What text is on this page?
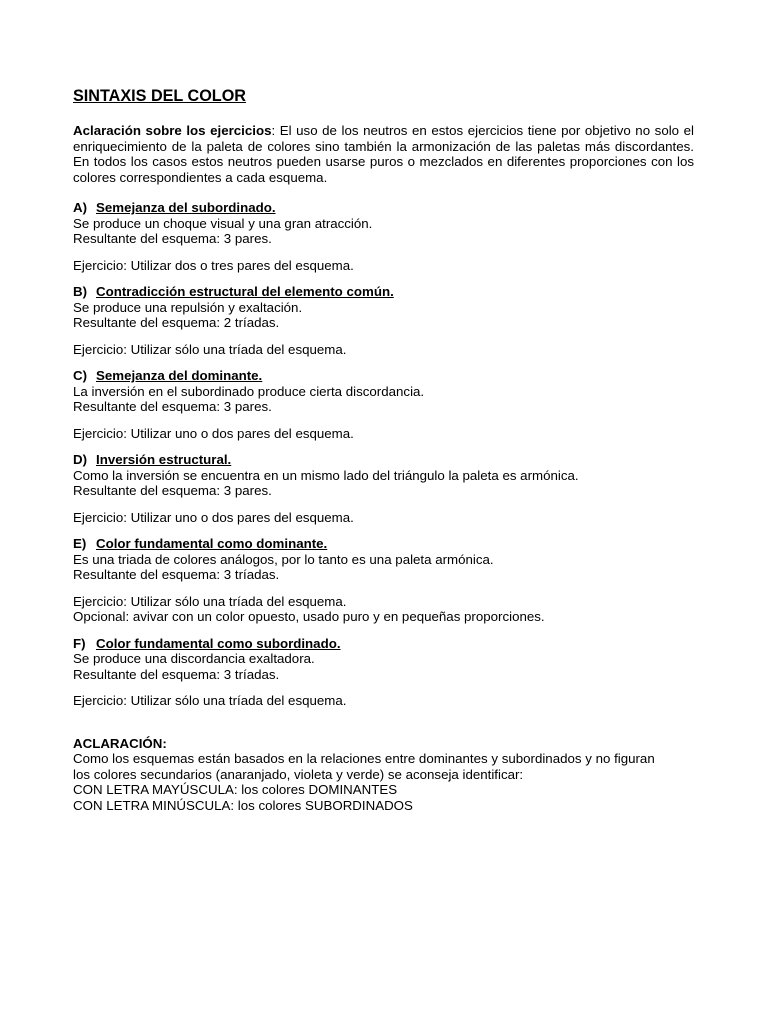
SINTAXIS DEL COLOR

Aclaración sobre los ejercicios: El uso de los neutros en estos ejercicios tiene por objetivo no solo el enriquecimiento de la paleta de colores sino también la armonización de las paletas más discordantes. En todos los casos estos neutros pueden usarse puros o mezclados en diferentes proporciones con los colores correspondientes a cada esquema.

A) Semejanza del subordinado.
Se produce un choque visual y una gran atracción.
Resultante del esquema: 3 pares.
Ejercicio: Utilizar dos o tres pares del esquema.
B) Contradicción estructural del elemento común.
Se produce una repulsión y exaltación.
Resultante del esquema: 2 tríadas.
Ejercicio: Utilizar sólo una tríada del esquema.
C) Semejanza del dominante.
La inversión en el subordinado produce cierta discordancia.
Resultante del esquema: 3 pares.
Ejercicio: Utilizar uno o dos pares del esquema.
D) Inversión estructural.
Como la inversión se encuentra en un mismo lado del triángulo la paleta es armónica.
Resultante del esquema: 3 pares.
Ejercicio: Utilizar uno o dos pares del esquema.
E) Color fundamental como dominante.
Es una triada de colores análogos, por lo tanto es una paleta armónica.
Resultante del esquema: 3 tríadas.
Ejercicio: Utilizar sólo una tríada del esquema.
Opcional: avivar con un color opuesto, usado puro y en pequeñas proporciones.
F) Color fundamental como subordinado.
Se produce una discordancia exaltadora.
Resultante del esquema: 3 tríadas.
Ejercicio: Utilizar sólo una tríada del esquema.
ACLARACIÓN:
Como los esquemas están basados en la relaciones entre dominantes y subordinados y no figuran
los colores secundarios (anaranjado, violeta y verde) se aconseja identificar:
CON LETRA MAYÚSCULA: los colores DOMINANTES
CON LETRA MINÚSCULA: los colores SUBORDINADOS
